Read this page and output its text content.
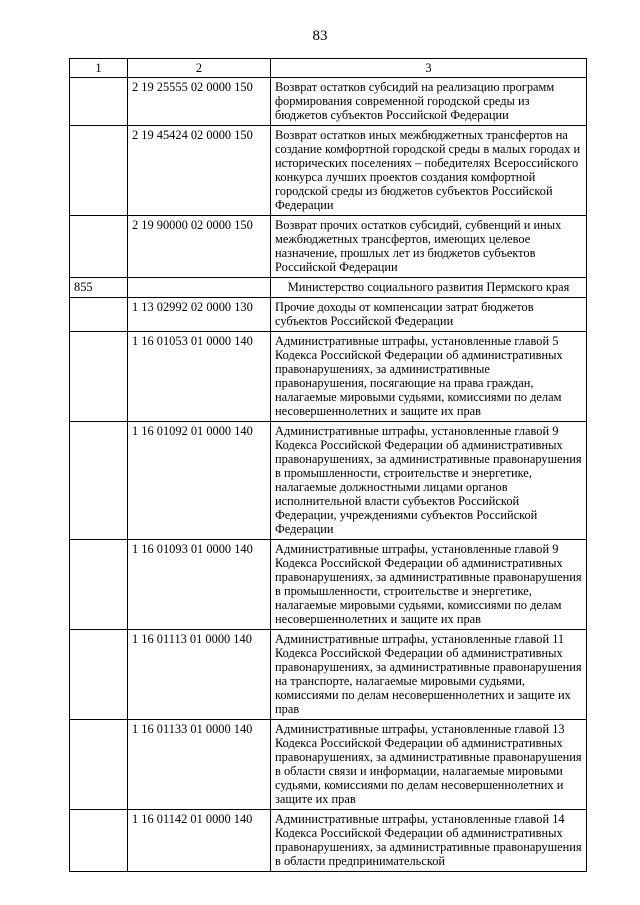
83
1	2	3
	2 19 25555 02 0000 150	Возврат остатков субсидий на реализацию программ формирования современной городской среды из бюджетов субъектов Российской Федерации
	2 19 45424 02 0000 150	Возврат остатков иных межбюджетных трансфертов на создание комфортной городской среды в малых городах и исторических поселениях – победителях Всероссийского конкурса лучших проектов создания комфортной городской среды из бюджетов субъектов Российской Федерации
	2 19 90000 02 0000 150	Возврат прочих остатков субсидий, субвенций и иных межбюджетных трансфертов, имеющих целевое назначение, прошлых лет из бюджетов субъектов Российской Федерации
855		Министерство социального развития Пермского края
	1 13 02992 02 0000 130	Прочие доходы от компенсации затрат бюджетов субъектов Российской Федерации
	1 16 01053 01 0000 140	Административные штрафы, установленные главой 5 Кодекса Российской Федерации об административных правонарушениях, за административные правонарушения, посягающие на права граждан, налагаемые мировыми судьями, комиссиями по делам несовершеннолетних и защите их прав
	1 16 01092 01 0000 140	Административные штрафы, установленные главой 9 Кодекса Российской Федерации об административных правонарушениях, за административные правонарушения в промышленности, строительстве и энергетике, налагаемые должностными лицами органов исполнительной власти субъектов Российской Федерации, учреждениями субъектов Российской Федерации
	1 16 01093 01 0000 140	Административные штрафы, установленные главой 9 Кодекса Российской Федерации об административных правонарушениях, за административные правонарушения в промышленности, строительстве и энергетике, налагаемые мировыми судьями, комиссиями по делам несовершеннолетних и защите их прав
	1 16 01113 01 0000 140	Административные штрафы, установленные главой 11 Кодекса Российской Федерации об административных правонарушениях, за административные правонарушения на транспорте, налагаемые мировыми судьями, комиссиями по делам несовершеннолетних и защите их прав
	1 16 01133 01 0000 140	Административные штрафы, установленные главой 13 Кодекса Российской Федерации об административных правонарушениях, за административные правонарушения в области связи и информации, налагаемые мировыми судьями, комиссиями по делам несовершеннолетних и защите их прав
	1 16 01142 01 0000 140	Административные штрафы, установленные главой 14 Кодекса Российской Федерации об административных правонарушениях, за административные правонарушения в области предпринимательской
